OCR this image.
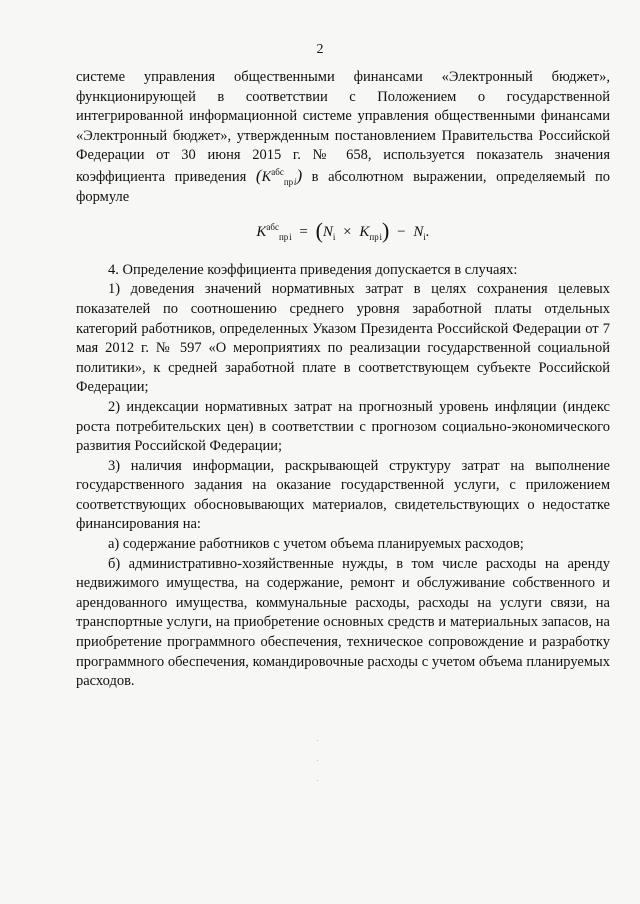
2

системе управления общественными финансами «Электронный бюджет», функционирующей в соответствии с Положением о государственной интегрированной информационной системе управления общественными финансами «Электронный бюджет», утвержденным постановлением Правительства Российской Федерации от 30 июня 2015 г. № 658, используется показатель значения коэффициента приведения $(K^{абс}_{пр i})$ в абсолютном выражении, определяемый по формуле

$K^{абс}_{пр i} = (N_i \times K_{пр i}) - N_i$.

4. Определение коэффициента приведения допускается в случаях:

1) доведения значений нормативных затрат в целях сохранения целевых показателей по соотношению среднего уровня заработной платы отдельных категорий работников, определенных Указом Президента Российской Федерации от 7 мая 2012 г. № 597 «О мероприятиях по реализации государственной социальной политики», к средней заработной плате в соответствующем субъекте Российской Федерации;

2) индексации нормативных затрат на прогнозный уровень инфляции (индекс роста потребительских цен) в соответствии с прогнозом социально-экономического развития Российской Федерации;

3) наличия информации, раскрывающей структуру затрат на выполнение государственного задания на оказание государственной услуги, с приложением соответствующих обосновывающих материалов, свидетельствующих о недостатке финансирования на:

а) содержание работников с учетом объема планируемых расходов;

б) административно-хозяйственные нужды, в том числе расходы на аренду недвижимого имущества, на содержание, ремонт и обслуживание собственного и арендованного имущества, коммунальные расходы, расходы на услуги связи, на транспортные услуги, на приобретение основных средств и материальных запасов, на приобретение программного обеспечения, техническое сопровождение и разработку программного обеспечения, командировочные расходы с учетом объема планируемых расходов.
